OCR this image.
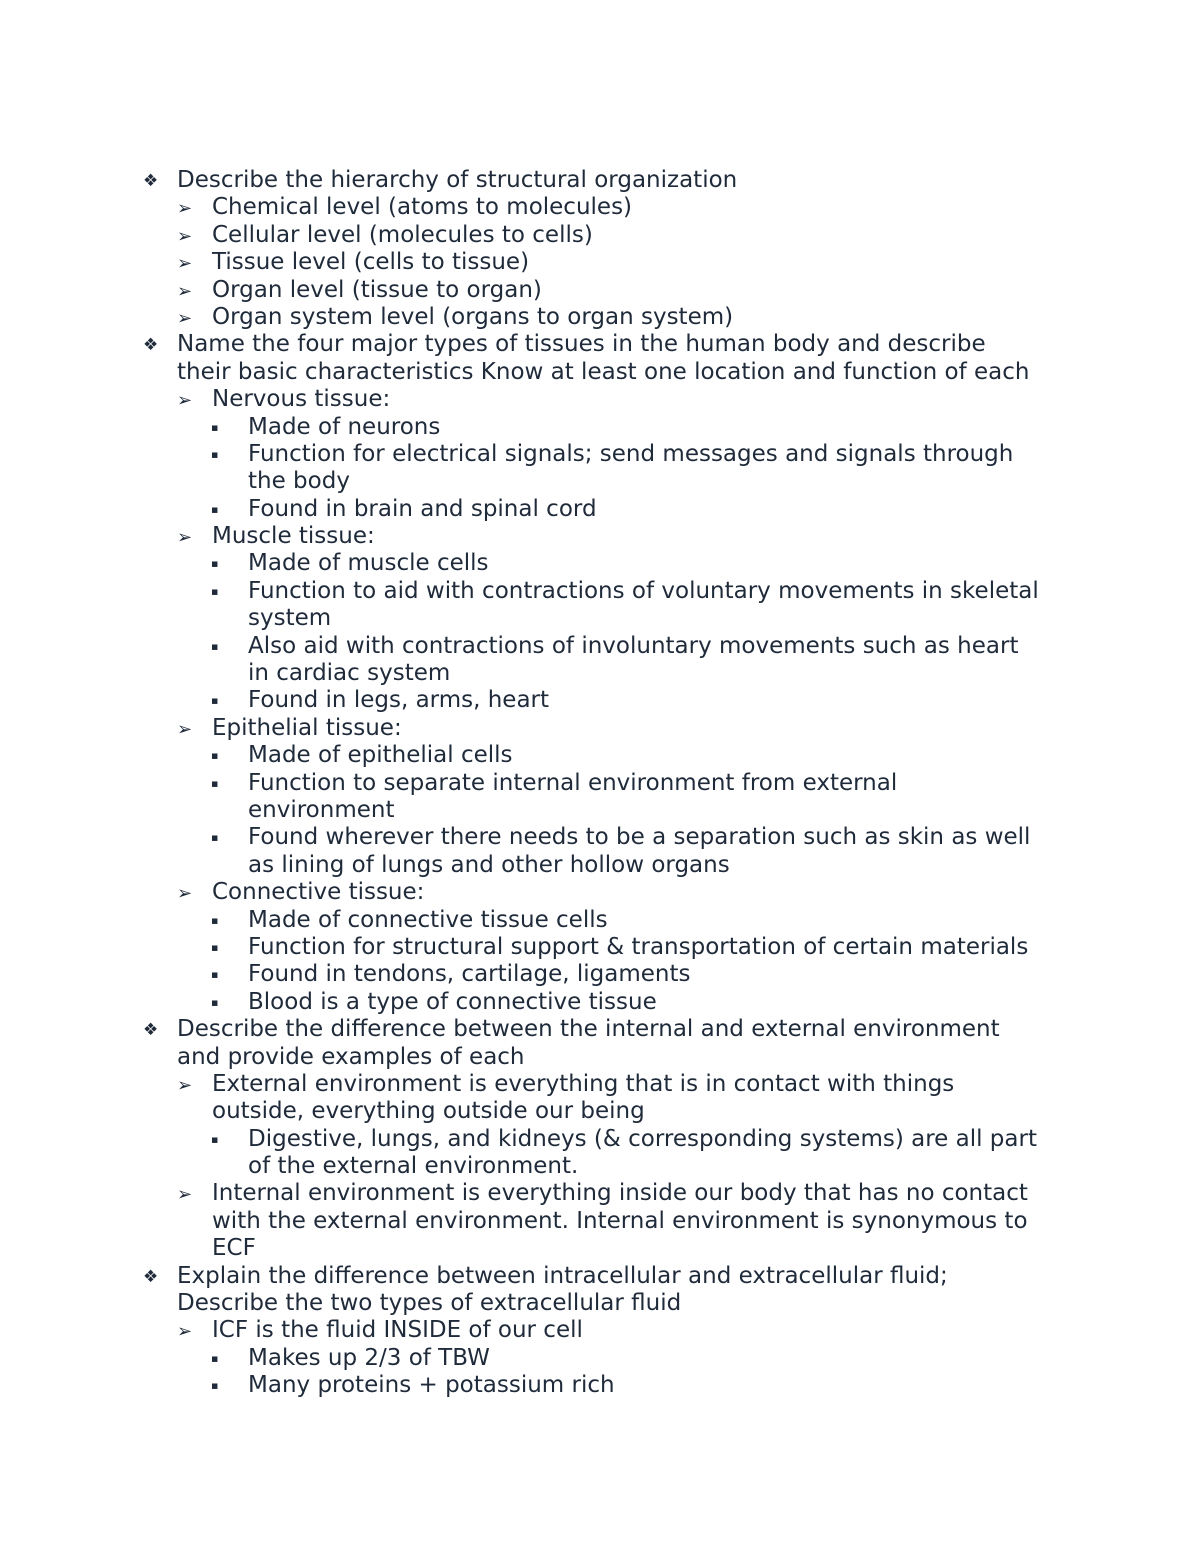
❖ Describe the hierarchy of structural organization
➢ Chemical level (atoms to molecules)
➢ Cellular level (molecules to cells)
➢ Tissue level (cells to tissue)
➢ Organ level (tissue to organ)
➢ Organ system level (organs to organ system)
❖ Name the four major types of tissues in the human body and describe
their basic characteristics Know at least one location and function of each
➢ Nervous tissue:
▪ Made of neurons
▪ Function for electrical signals; send messages and signals through
the body
▪ Found in brain and spinal cord
➢ Muscle tissue:
▪ Made of muscle cells
▪ Function to aid with contractions of voluntary movements in skeletal
system
▪ Also aid with contractions of involuntary movements such as heart
in cardiac system
▪ Found in legs, arms, heart
➢ Epithelial tissue:
▪ Made of epithelial cells
▪ Function to separate internal environment from external
environment
▪ Found wherever there needs to be a separation such as skin as well
as lining of lungs and other hollow organs
➢ Connective tissue:
▪ Made of connective tissue cells
▪ Function for structural support & transportation of certain materials
▪ Found in tendons, cartilage, ligaments
▪ Blood is a type of connective tissue
❖ Describe the difference between the internal and external environment
and provide examples of each
➢ External environment is everything that is in contact with things
outside, everything outside our being
▪ Digestive, lungs, and kidneys (& corresponding systems) are all part
of the external environment.
➢ Internal environment is everything inside our body that has no contact
with the external environment. Internal environment is synonymous to
ECF
❖ Explain the difference between intracellular and extracellular fluid;
Describe the two types of extracellular fluid
➢ ICF is the fluid INSIDE of our cell
▪ Makes up 2/3 of TBW
▪ Many proteins + potassium rich
